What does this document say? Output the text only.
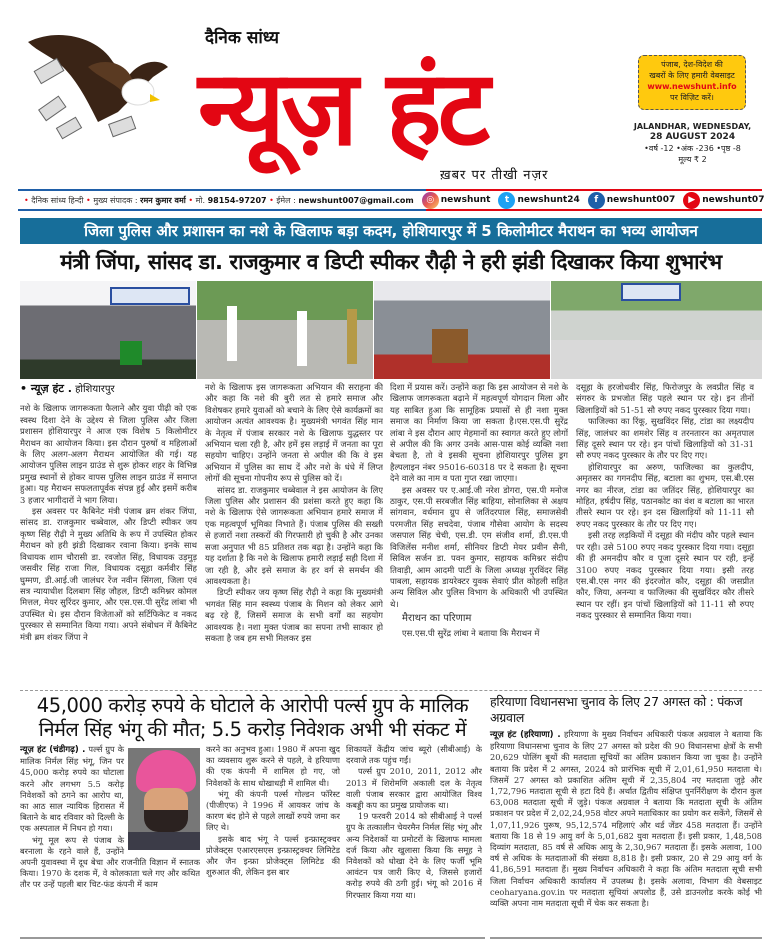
दैनिक सांध्य
न्यूज़ हंट
ख़बर पर तीखी नज़र
पंजाब, देश-विदेश की
खबरों के लिए हमारी वेबसाइट
www.newshunt.info
पर विज़िट करें।
JALANDHAR, WEDNESDAY,
28 AUGUST 2024
•वर्ष -12 •अंक -236 •पृष्ठ -8
मूल्य ₹ 2
• दैनिक सांध्य हिन्दी • मुख्य संपादक : रमन कुमार वर्मा • मो. 98154-97207 • ईमेल : newshunt007@gmail.com	◎ newshunt	t newshunt24	f newshunt007	▶ newshunt07
जिला पुलिस और प्रशासन का नशे के खिलाफ बड़ा कदम, होशियारपुर में 5 किलोमीटर मैराथन का भव्य आयोजन
मंत्री जिंपा, सांसद डा. राजकुमार व डिप्टी स्पीकर रौढ़ी ने हरी झंडी दिखाकर किया शुभारंभ
• न्यूज़ हंट . होशियारपुर

नशे के खिलाफ जागरूकता फैलाने और युवा पीढ़ी को एक स्वस्थ दिशा देने के उद्देश्य से जिला पुलिस और जिला प्रशासन होशियारपुर ने आज एक विशेष 5 किलोमीटर मैराथन का आयोजन किया। इस दौरान पुरुषों व महिलाओं के लिए अलग-अलग मैराथन आयोजित की गई। यह आयोजन पुलिस लाइन ग्राउंड से शुरू होकर शहर के विभिन्न प्रमुख स्थानों से होकर वापस पुलिस लाइन ग्राउंड में समाप्त हुआ। यह मैराथन सफलतापूर्वक संपन्न हुई और इसमें करीब 3 हजार भागीदारों ने भाग लिया।

इस अवसर पर कैबिनेट मंत्री पंजाब ब्रम शंकर जिंपा, सांसद डा. राजकुमार चब्बेवाल, और डिप्टी स्पीकर जय कृष्ण सिंह रौढ़ी ने मुख्य अतिथि के रूप में उपस्थित होकर मैराथन को हरी झंडी दिखाकर रवाना किया। इनके साथ विधायक शाम चौरासी डा. रवजोत सिंह, विधायक उड़मुड़ जसवीर सिंह राजा गिल, विधायक दसूहा कर्मवीर सिंह घुम्मण, डी.आई.जी जालंधर रेंज नवीन सिंगला, जिला एवं सत्र न्यायाधीश दिलबाग सिंह जौहल, डिप्टी कमिश्नर कोमल मित्तल, मेयर सुरिंदर कुमार, और एस.एस.पी सुरेंद्र लांबा भी उपस्थित थे। इस दौरान विजेताओं को सर्टिफिकेट व नकद पुरस्कार से सम्मानित किया गया। अपने संबोधन में कैबिनेट मंत्री ब्रम शंकर जिंपा ने

नशे के खिलाफ इस जागरूकता अभियान की सराहना की और कहा कि नशे की बुरी लत से हमारे समाज और विशेषकर हमारे युवाओं को बचाने के लिए ऐसे कार्यक्रमों का आयोजन अत्यंत आवश्यक है। मुख्यमंत्री भगवंत सिंह मान के नेतृत्व में पंजाब सरकार नशे के खिलाफ युद्धस्तर पर अभियान चला रही है, और हमें इस लड़ाई में जनता का पूरा सहयोग चाहिए। उन्होंने जनता से अपील की कि वे इस अभियान में पुलिस का साथ दें और नशे के धंधे में लिप्त लोगों की सूचना गोपनीय रूप से पुलिस को दें।

सांसद डा. राजकुमार चब्बेवाल ने इस आयोजन के लिए जिला पुलिस और प्रशासन की प्रशंसा करते हुए कहा कि नशे के खिलाफ ऐसे जागरूकता अभियान हमारे समाज में एक महत्वपूर्ण भूमिका निभाते हैं। पंजाब पुलिस की सख्ती से हजारों नशा तस्करों की गिरफ्तारी हो चुकी है और उनका सजा अनुपात भी 85 प्रतिशत तक बढ़ा है। उन्होंने कहा कि यह दर्शाता है कि नशे के खिलाफ हमारी लड़ाई सही दिशा में जा रही है, और इसे समाज के हर वर्ग से समर्थन की आवश्यकता है।

डिप्टी स्पीकर जय कृष्ण सिंह रौढ़ी ने कहा कि मुख्यमंत्री भगवंत सिंह मान स्वस्थ्य पंजाब के मिशन को लेकर आगे बढ़ रहे हैं, जिसमें समाज के सभी वर्गों का सहयोग आवश्यक है। नशा मुक्त पंजाब का सपना तभी साकार हो सकता है जब हम सभी मिलकर इस

दिशा में प्रयास करें। उन्होंने कहा कि इस आयोजन से नशे के खिलाफ जागरूकता बढ़ाने में महत्वपूर्ण योगदान मिला और यह साबित हुआ कि सामूहिक प्रयासों से ही नशा मुक्त समाज का निर्माण किया जा सकता है।एस.एस.पी सुरेंद्र लांबा ने इस दौरान आए मेहमानों का स्वागत करते हुए लोगों से अपील की कि अगर उनके आस-पास कोई व्यक्ति नशा बेचता है, तो वे इसकी सूचना होशियारपुर पुलिस ड्रग हैल्पलाइन नंबर 95016-60318 पर दे सकता है। सूचना देने वाले का नाम व पता गुप्त रखा जाएगा।

इस अवसर पर ए.आई.जी नरेश डोगरा, एस.पी मनोज ठाकुर, एस.पी सरबजीत सिंह बाहिया, सोनालिका से अक्षय सांगवान, वर्धमान ग्रुप से जतिंदरपाल सिंह, समाजसेवी परमजीत सिंह सचदेवा, पंजाब गौसेवा आयोग के सदस्य जसपाल सिंह चेची, एस.डी. एम संजीव शर्मा, डी.एस.पी विजिलेंस मनीश शर्मा, सीनियर डिप्टी मेयर प्रवीन सैनी, सिविल सर्जन डा. पवन कुमार, सहायक कमिश्नर संदीप तिवाड़ी, आम आदमी पार्टी के जिला अध्यक्ष गुरविंदर सिंह पाबला, सहायक डायरेक्टर युवक सेवाएं प्रीत कोहली सहित अन्य सिविल और पुलिस विभाग के अधिकारी भी उपस्थित थे।

मैराथन का परिणाम

एस.एस.पी सुरेंद्र लांबा ने बताया कि मैराथन में

दसूहा के हरजोधवीर सिंह, फिरोजपुर के लवप्रीत सिंह व संगरुर के प्रभजोत सिंह पहले स्थान पर रहे। इन तीनों खिलाड़ियों को 51-51 सौ रुपए नकद पुरस्कार दिया गया।

फाजिल्का का रिंकू, सुखविंदर सिंह, टांडा का लक्ष्यदीप सिंह, जालंधर का शमशेर सिंह व तरनतारन का अमृतपाल सिंह दूसरे स्थान पर रहे। इन पांचों खिलाड़ियों को 31-31 सौ रुपए नकद पुरस्कार के तौर पर दिए गए।

होशियारपुर का अरुण, फाजिल्का का कुलदीप, अमृतसर का गगनदीप सिंह, बटाला का शुभम, एस.बी.एस नगर का नीरज, टांडा का जतिंदर सिंह, होशियारपुर का मोहित, हर्षदीप सिंह, पठानकोट का वंश व बटाला का भारत तीसरे स्थान पर रहे। इन दस खिलाड़ियों को 11-11 सौ रुपए नकद पुरस्कार के तौर पर दिए गए।

इसी तरह लड़कियों में दसूहा की मंदीप कौर पहले स्थान पर रही। उसे 5100 रुपए नकद पुरस्कार दिया गया। दसूहा की ही अमनदीप कौर व पूजा दूसरे स्थान पर रही, इन्हें 3100 रुपए नकद पुरस्कार दिया गया। इसी तरह एस.बी.एस नगर की इंदरजोत कौर, दसूहा की जसप्रीत कौर, जिया, अनन्या व फाजिल्का की सुखविंदर कौर तीसरे स्थान पर रहीं। इन पांचों खिलाड़ियों को 11-11 सौ रुपए नकद पुरस्कार से सम्मानित किया गया।

45,000 करोड़ रुपये के घोटाले के आरोपी पर्ल्स ग्रुप के मालिक
निर्मल सिंह भंगू की मौत; 5.5 करोड़ निवेशक अभी भी संकट में

न्यूज़ हंट (चंडीगढ़) . पर्ल्स ग्रुप के मालिक निर्मल सिंह भंगू, जिन पर 45,000 करोड़ रुपये का घोटाला करने और लगभग 5.5 करोड़ निवेशकों को ठगने का आरोप था, का आठ साल न्यायिक हिरासत में बिताने के बाद रविवार को दिल्ली के एक अस्पताल में निधन हो गया।

भंगू मूल रूप से पंजाब के बरनाला के रहने वाले हैं, उन्होंने अपनी युवावस्था में दूध बेचा और राजनीति विज्ञान में स्नातक किया। 1970 के दशक में, वे कोलकाता चले गए और कथित तौर पर उन्हें पहली बार चिट-फंड कंपनी में काम

करने का अनुभव हुआ। 1980 में अपना खुद का व्यवसाय शुरू करने से पहले, वे हरियाणा की एक कंपनी में शामिल हो गए, जो निवेशकों के साथ धोखाधड़ी में शामिल थी।

भंगू की कंपनी पर्ल्स गोल्डन फॉरेस्ट (पीजीएफ) ने 1996 में आयकर जांच के कारण बंद होने से पहले लाखों रुपये जमा कर लिए थे।

इसके बाद भंगू ने पर्ल्स इन्फ्रास्ट्रक्चर प्रोजेक्ट्स एआरएसएस इन्फ्रास्ट्रक्चर लिमिटेड और जैन इन्फ्रा प्रोजेक्ट्स लिमिटेड की शुरुआत की, लेकिन इस बार

शिकायतें केंद्रीय जांच ब्यूरो (सीबीआई) के दरवाजे तक पहुंच गईं।

पर्ल्स ग्रुप 2010, 2011, 2012 और 2013 में शिरोमणि अकाली दल के नेतृत्व वाली पंजाब सरकार द्वारा आयोजित विश्व कबड्डी कप का प्रमुख प्रायोजक था।

19 फरवरी 2014 को सीबीआई ने पर्ल्स ग्रुप के तत्कालीन चेयरमैन निर्मल सिंह भंगू और अन्य निदेशकों या प्रमोटरों के खिलाफ मामला दर्ज किया और खुलासा किया कि समूह ने निवेशकों को धोखा देने के लिए फर्जी भूमि आवंटन पत्र जारी किए थे, जिससे हजारों करोड़ रुपये की ठगी हुई। भंगू को 2016 में गिरफ्तार किया गया था।

हरियाणा विधानसभा चुनाव के लिए 27 अगस्त को : पंकज अग्रवाल

न्यूज़ हंट (हरियाणा) . हरियाणा के मुख्य निर्वाचन अधिकारी पंकज अग्रवाल ने बताया कि हरियाणा विधानसभा चुनाव के लिए 27 अगस्त को प्रदेश की 90 विधानसभा क्षेत्रों के सभी 20,629 पोलिंग बूथों की मतदाता सूचियों का अंतिम प्रकाशन किया जा चुका है। उन्होंने बताया कि प्रदेश में 2 अगस्त, 2024 को प्रारंभिक सूची में 2,01,61,950 मतदाता थे। जिसमें 27 अगस्त को प्रकाशित अंतिम सूची में 2,35,804 नए मतदाता जुड़े और 1,72,796 मतदाता सूची से हटा दिये हैं। अर्थात द्वितीय संक्षिप्त पुनर्निरीक्षण के दौरान कुल 63,008 मतदाता सूची में जुड़े। पंकज अग्रवाल ने बताया कि मतदाता सूची के अंतिम प्रकाशन पर प्रदेश में 2,02,24,958 वोटर अपने मताधिकार का प्रयोग कर सकेंगे, जिसमें से 1,07,11,926 पुरूष, 95,12,574 महिलाएं और थर्ड जेंडर 458 मतदाता हैं। उन्होंने बताया कि 18 से 19 आयु वर्ग के 5,01,682 युवा मतदाता हैं। इसी प्रकार, 1,48,508 दिव्यांग मतदाता, 85 वर्ष से अधिक आयु के 2,30,967 मतदाता हैं। इसके अलावा, 100 वर्ष से अधिक के मतदाताओं की संख्या 8,818 है। इसी प्रकार, 20 से 29 आयु वर्ग के 41,86,591 मतदाता हैं। मुख्य निर्वाचन अधिकारी ने कहा कि अंतिम मतदाता सूची सभी जिला निर्वाचन अधिकारी कार्यालय में उपलब्ध है। इसके अलावा, विभाग की वेबसाइट ceoharyana.gov.in पर मतदाता सूचियां अपलोड हैं, उसे डाउनलोड करके कोई भी व्यक्ति अपना नाम मतदाता सूची में चेक कर सकता है।
